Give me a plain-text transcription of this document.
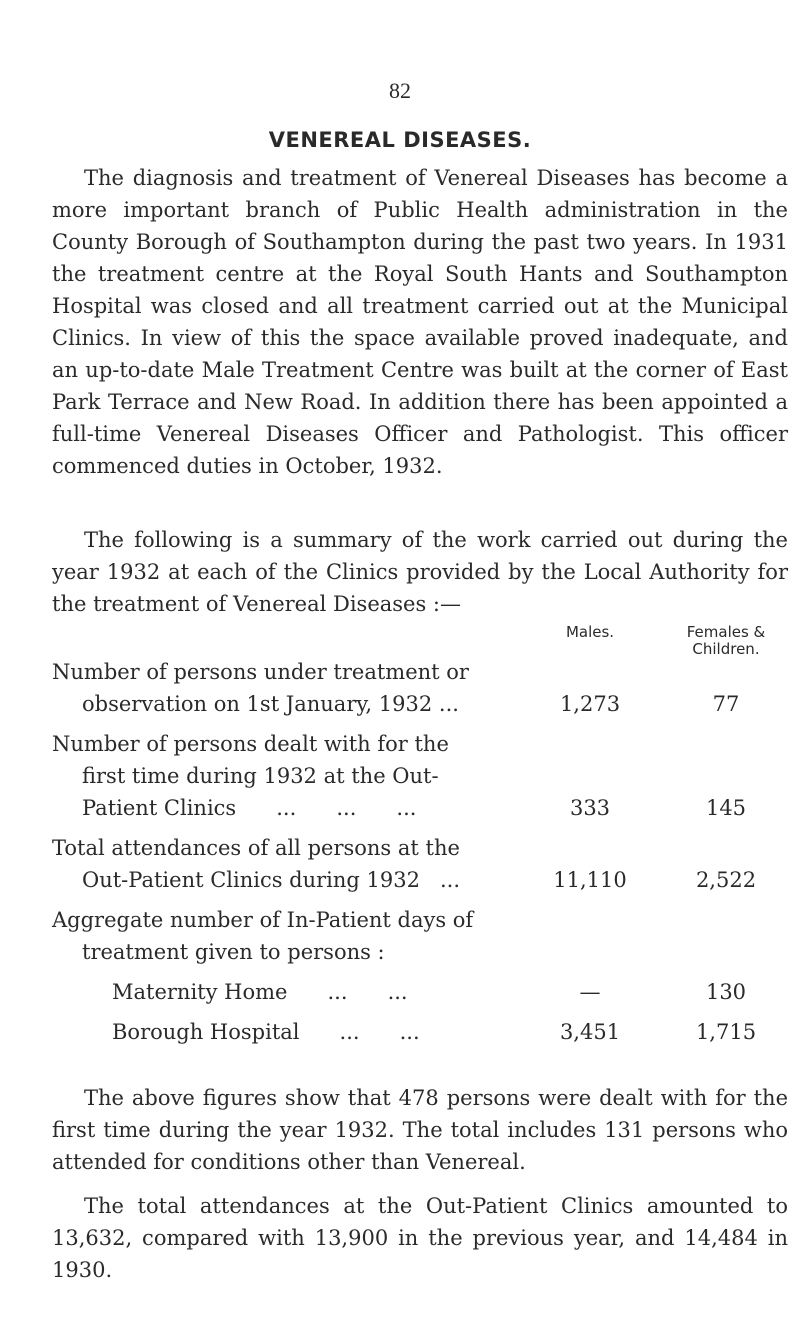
82
VENEREAL DISEASES.

The diagnosis and treatment of Venereal Diseases has become a more important branch of Public Health administration in the County Borough of Southampton during the past two years. In 1931 the treatment centre at the Royal South Hants and Southampton Hospital was closed and all treatment carried out at the Municipal Clinics. In view of this the space available proved inadequate, and an up-to-date Male Treatment Centre was built at the corner of East Park Terrace and New Road. In addition there has been appointed a full-time Venereal Diseases Officer and Pathologist. This officer commenced duties in October, 1932.

The following is a summary of the work carried out during the year 1932 at each of the Clinics provided by the Local Authority for the treatment of Venereal Diseases :—

Males.	Females &
Children.
Number of persons under treatment or
observation on 1st January, 1932 ...	1,273	77
Number of persons dealt with for the
first time during 1932 at the Out-
Patient Clinics      ...      ...      ...	333	145
Total attendances of all persons at the
Out-Patient Clinics during 1932   ...	11,110	2,522
Aggregate number of In-Patient days of
treatment given to persons :
Maternity Home      ...      ...	—	130
Borough Hospital      ...      ...	3,451	1,715

The above figures show that 478 persons were dealt with for the first time during the year 1932. The total includes 131 persons who attended for conditions other than Venereal.

The total attendances at the Out-Patient Clinics amounted to 13,632, compared with 13,900 in the previous year, and 14,484 in 1930.
